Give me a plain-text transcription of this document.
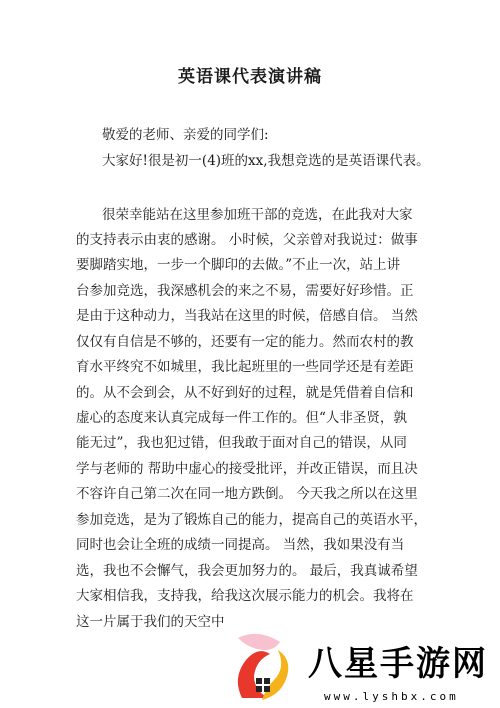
英语课代表演讲稿
敬爱的老师、亲爱的同学们:
大家好!很是初一(4)班的xx,我想竞选的是英语课代表。
很荣幸能站在这里参加班干部的竞选，在此我对大家
的支持表示由衷的感谢。 小时候，父亲曾对我说过：做事
要脚踏实地，一步一个脚印的去做。”不止一次，站上讲
台参加竞选，我深感机会的来之不易，需要好好珍惜。正
是由于这种动力，当我站在这里的时候，倍感自信。 当然
仅仅有自信是不够的，还要有一定的能力。然而农村的教
育水平终究不如城里，我比起班里的一些同学还是有差距
的。从不会到会，从不好到好的过程，就是凭借着自信和
虚心的态度来认真完成每一件工作的。但“人非圣贤，孰
能无过”，我也犯过错，但我敢于面对自己的错误，从同
学与老师的 帮助中虚心的接受批评，并改正错误，而且决
不容许自己第二次在同一地方跌倒。 今天我之所以在这里
参加竞选，是为了锻炼自己的能力，提高自己的英语水平，
同时也会让全班的成绩一同提高。 当然，我如果没有当
选，我也不会懈气，我会更加努力的。 最后，我真诚希望
大家相信我，支持我，给我这次展示能力的机会。我将在
这一片属于我们的天空中
八星手游网
www.lyshbx.com
